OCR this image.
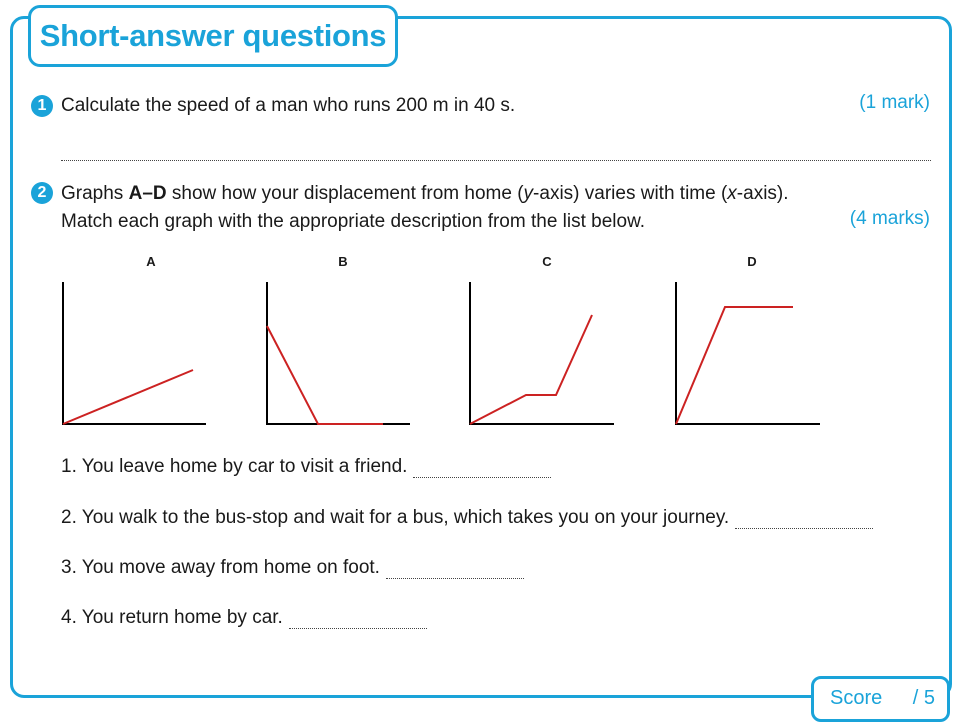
Short-answer questions
1 Calculate the speed of a man who runs 200 m in 40 s.	(1 mark)
2 Graphs A–D show how your displacement from home (y-axis) varies with time (x-axis).
Match each graph with the appropriate description from the list below.	(4 marks)
A	B	C	D
1. You leave home by car to visit a friend.
2. You walk to the bus-stop and wait for a bus, which takes you on your journey.
3. You move away from home on foot.
4. You return home by car.
Score / 5
